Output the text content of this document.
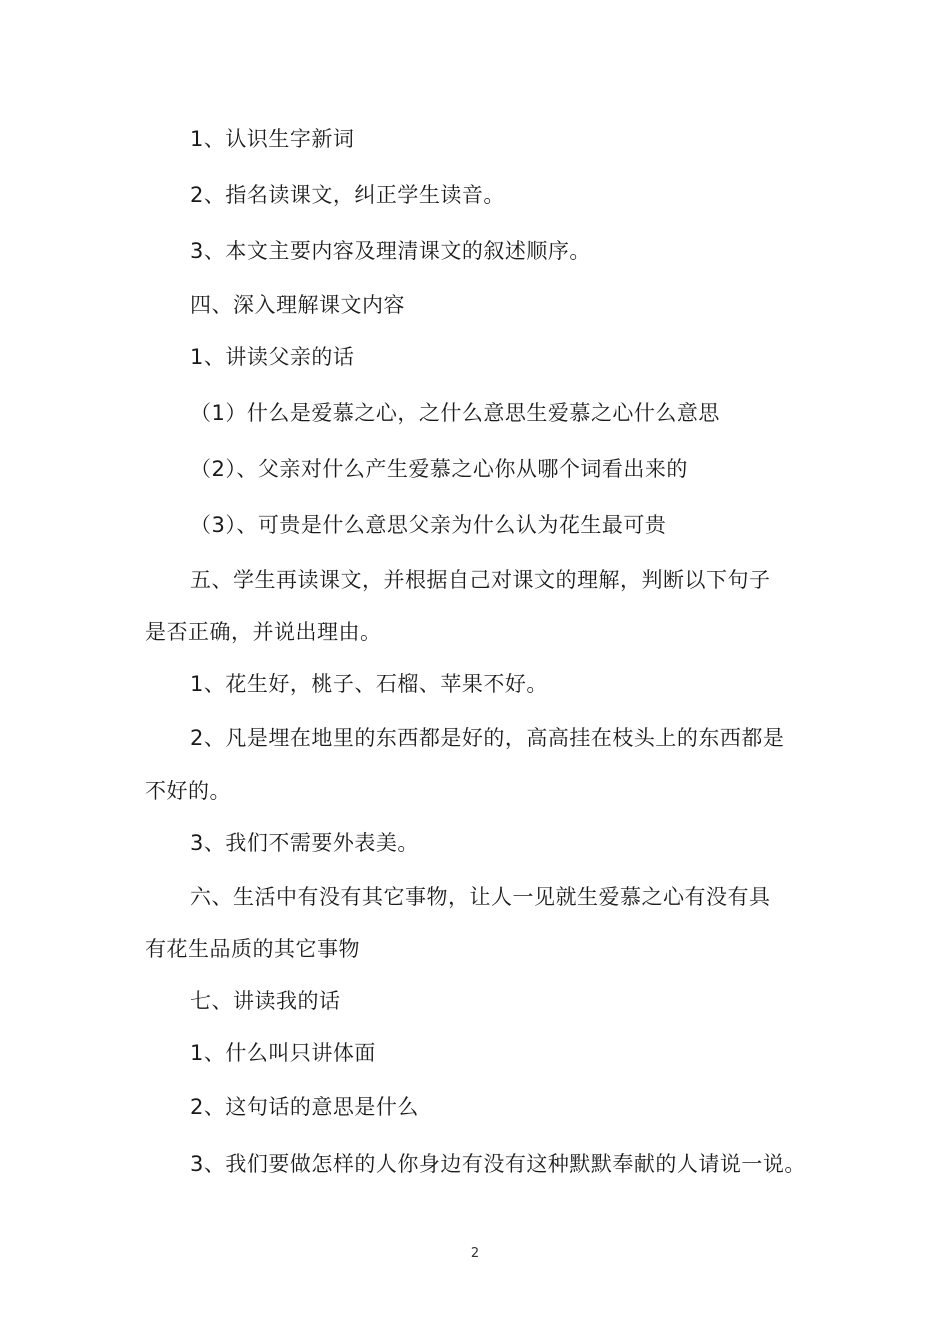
1、认识生字新词
2、指名读课文，纠正学生读音。
3、本文主要内容及理清课文的叙述顺序。
四、深入理解课文内容
1、讲读父亲的话
（1）什么是爱慕之心，之什么意思生爱慕之心什么意思
（2）、父亲对什么产生爱慕之心你从哪个词看出来的
（3）、可贵是什么意思父亲为什么认为花生最可贵
五、学生再读课文，并根据自己对课文的理解，判断以下句子
是否正确，并说出理由。
1、花生好，桃子、石榴、苹果不好。
2、凡是埋在地里的东西都是好的，高高挂在枝头上的东西都是
不好的。
3、我们不需要外表美。
六、生活中有没有其它事物，让人一见就生爱慕之心有没有具
有花生品质的其它事物
七、讲读我的话
1、什么叫只讲体面
2、这句话的意思是什么
3、我们要做怎样的人你身边有没有这种默默奉献的人请说一说。
2
